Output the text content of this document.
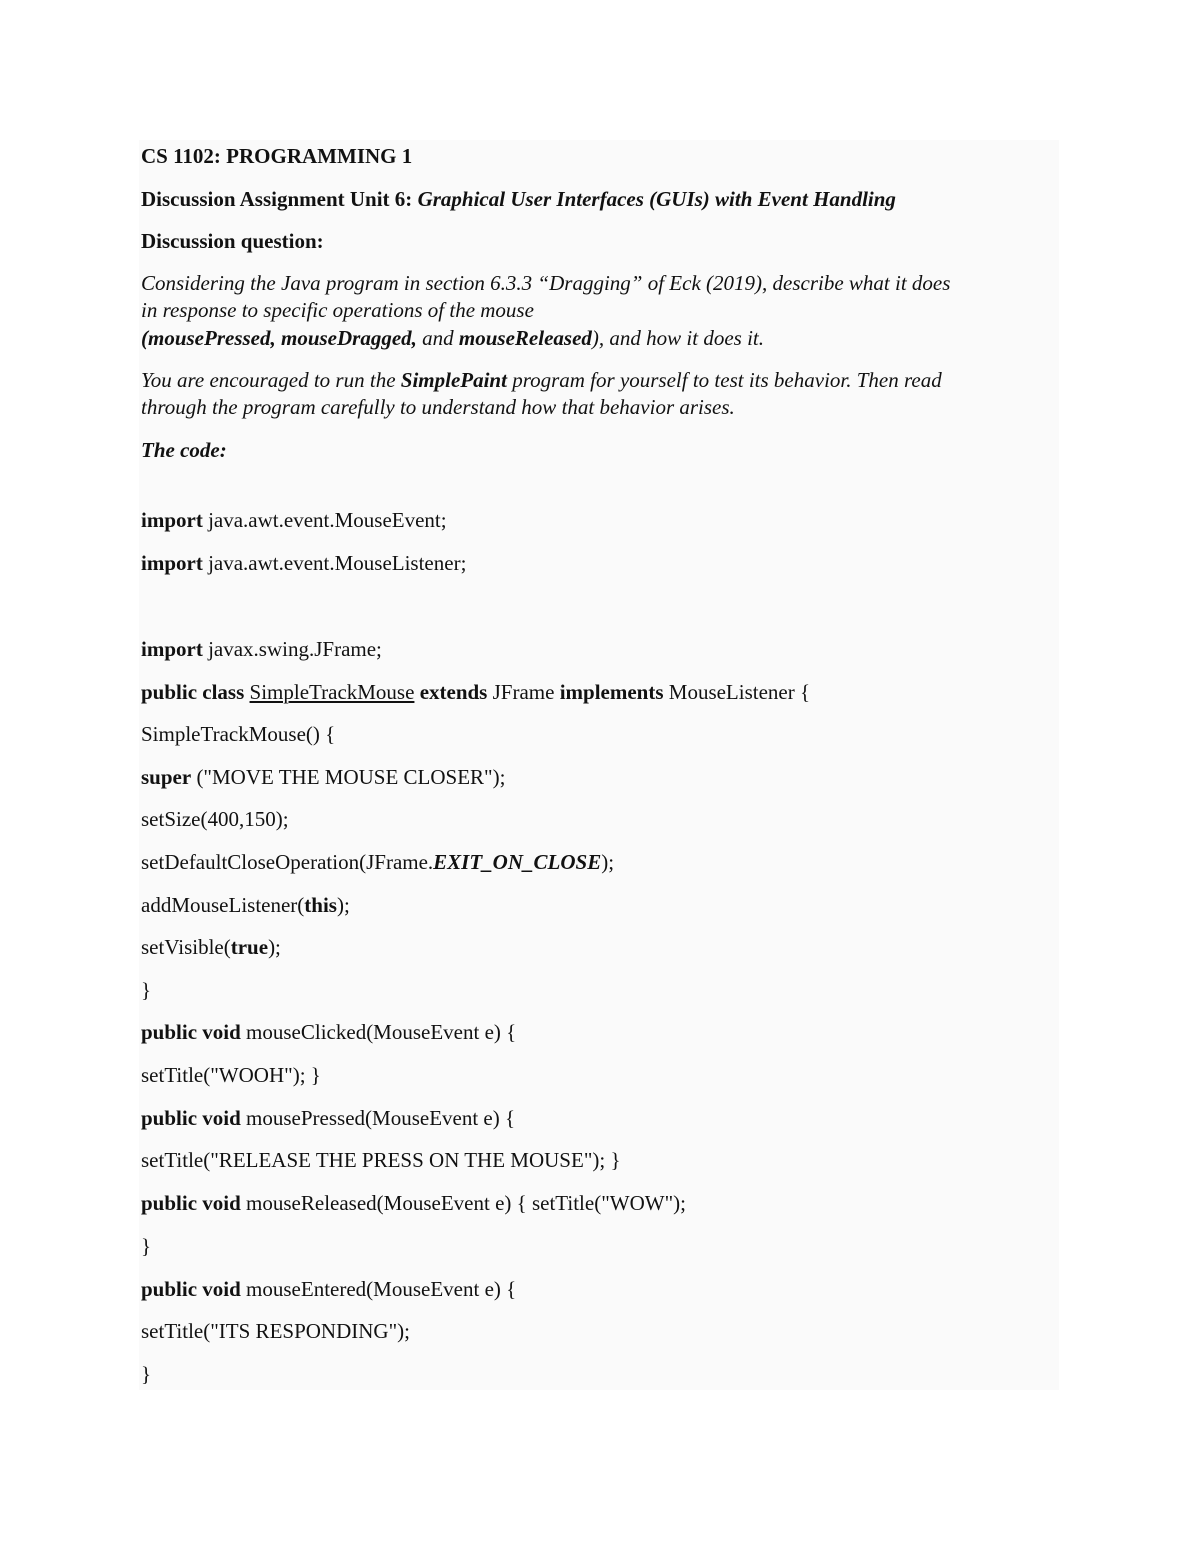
CS 1102: PROGRAMMING 1
Discussion Assignment Unit 6: Graphical User Interfaces (GUIs) with Event Handling
Discussion question:
Considering the Java program in section 6.3.3 “Dragging” of Eck (2019), describe what it does
in response to specific operations of the mouse
(mousePressed, mouseDragged, and mouseReleased), and how it does it.
You are encouraged to run the SimplePaint program for yourself to test its behavior. Then read
through the program carefully to understand how that behavior arises.
The code:
import java.awt.event.MouseEvent;
import java.awt.event.MouseListener;
import javax.swing.JFrame;
public class SimpleTrackMouse extends JFrame implements MouseListener {
SimpleTrackMouse() {
super ("MOVE THE MOUSE CLOSER");
setSize(400,150);
setDefaultCloseOperation(JFrame.EXIT_ON_CLOSE);
addMouseListener(this);
setVisible(true);
}
public void mouseClicked(MouseEvent e) {
setTitle("WOOH"); }
public void mousePressed(MouseEvent e) {
setTitle("RELEASE THE PRESS ON THE MOUSE"); }
public void mouseReleased(MouseEvent e) { setTitle("WOW");
}
public void mouseEntered(MouseEvent e) {
setTitle("ITS RESPONDING");
}
